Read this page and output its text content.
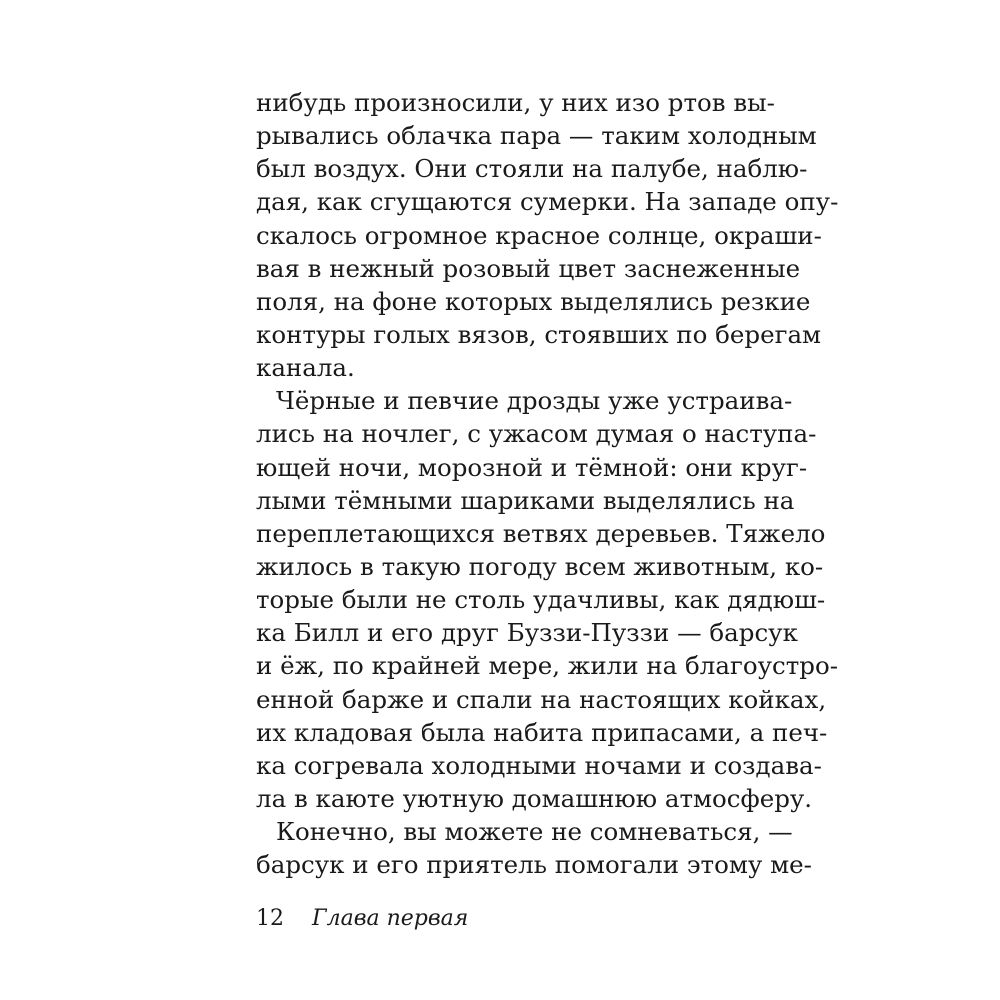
нибудь произносили, у них изо ртов вы-
рывались облачка пара — таким холодным
был воздух. Они стояли на палубе, наблю-
дая, как сгущаются сумерки. На западе опу-
скалось огромное красное солнце, окраши-
вая в нежный розовый цвет заснеженные
поля, на фоне которых выделялись резкие
контуры голых вязов, стоявших по берегам
канала.
Чёрные и певчие дрозды уже устраива-
лись на ночлег, с ужасом думая о наступа-
ющей ночи, морозной и тёмной: они круг-
лыми тёмными шариками выделялись на
переплетающихся ветвях деревьев. Тяжело
жилось в такую погоду всем животным, ко-
торые были не столь удачливы, как дядюш-
ка Билл и его друг Буззи-Пуззи — барсук
и ёж, по крайней мере, жили на благоустро-
енной барже и спали на настоящих койках,
их кладовая была набита припасами, а печ-
ка согревала холодными ночами и создава-
ла в каюте уютную домашнюю атмосферу.
Конечно, вы можете не сомневаться, —
барсук и его приятель помогали этому ме-
12 Глава первая
